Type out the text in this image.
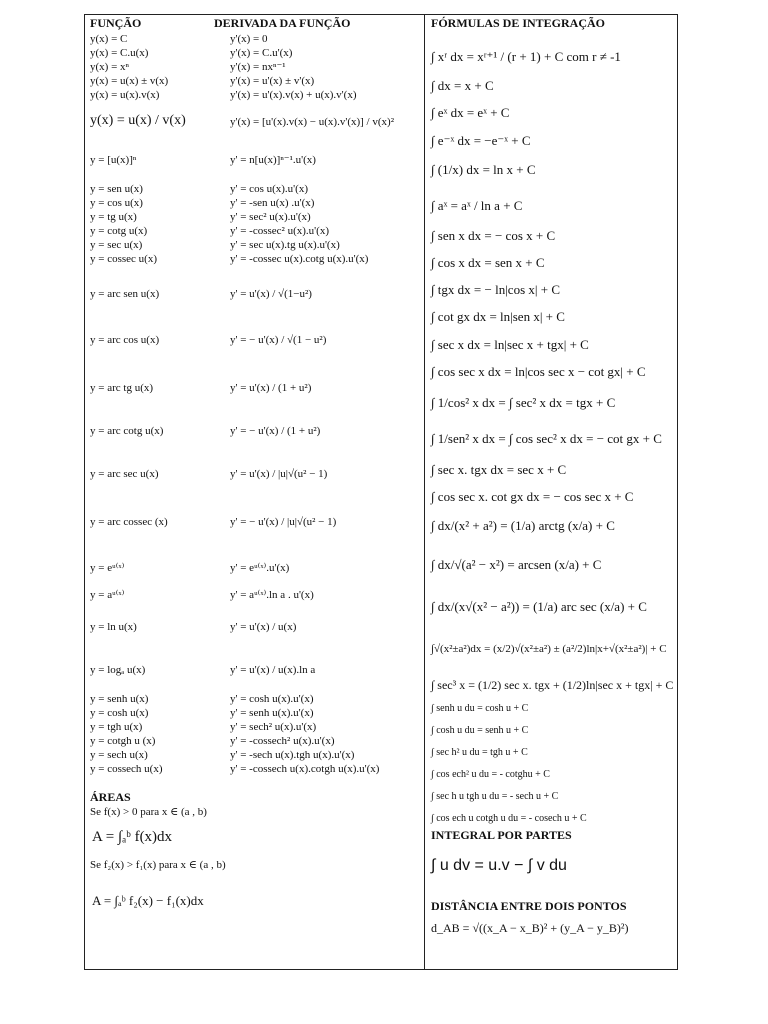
FUNÇÃO	DERIVADA DA FUNÇÃO
y(x) = C	y'(x) = 0
y(x) = C.u(x)	y'(x) = C.u'(x)
y(x) = xⁿ	y'(x) = nxⁿ⁻¹
y(x) = u(x) ± v(x)	y'(x) = u'(x) ± v'(x)
y(x) = u(x).v(x)	y'(x) = u'(x).v(x) + u(x).v'(x)
y(x) = u(x) / v(x)	y'(x) = [u'(x).v(x) − u(x).v'(x)] / v(x)²
y = [u(x)]ⁿ	y' = n[u(x)]ⁿ⁻¹.u'(x)
y = sen u(x)	y' = cos u(x).u'(x)
y = cos u(x)	y' = -sen u(x) .u'(x)
y = tg u(x)	y' = sec² u(x).u'(x)
y = cotg u(x)	y' = -cossec² u(x).u'(x)
y = sec u(x)	y' = sec u(x).tg u(x).u'(x)
y = cossec u(x)	y' = -cossec u(x).cotg u(x).u'(x)
y = arc sen u(x)	y' = u'(x) / √(1−u²)
y = arc cos u(x)	y' = − u'(x) / √(1 − u²)
y = arc tg u(x)	y' = u'(x) / (1 + u²)
y = arc cotg u(x)	y' = − u'(x) / (1 + u²)
y = arc sec u(x)	y' = u'(x) / |u|√(u² − 1)
y = arc cossec (x)	y' = − u'(x) / |u|√(u² − 1)
y = eᵘ⁽ˣ⁾	y' = eᵘ⁽ˣ⁾.u'(x)
y = aᵘ⁽ˣ⁾	y' = aᵘ⁽ˣ⁾.ln a . u'(x)
y = ln u(x)	y' = u'(x) / u(x)
y = logₐ u(x)	y' = u'(x) / u(x).ln a
y = senh u(x)	y' = cosh u(x).u'(x)
y = cosh u(x)	y' = senh u(x).u'(x)
y = tgh u(x)	y' = sech² u(x).u'(x)
y = cotgh u (x)	y' = -cossech² u(x).u'(x)
y = sech u(x)	y' = -sech u(x).tgh u(x).u'(x)
y = cossech u(x)	y' = -cossech u(x).cotgh u(x).u'(x)
ÁREAS
Se f(x) > 0 para x ∈ (a , b)
A = ∫ₐᵇ f(x)dx
Se f₂(x) > f₁(x) para x ∈ (a , b)
A = ∫ₐᵇ f₂(x) − f₁(x)dx
FÓRMULAS DE INTEGRAÇÃO
∫ xʳ dx = xʳ⁺¹ / (r + 1) + C com r ≠ -1
∫ dx = x + C
∫ eˣ dx = eˣ + C
∫ e⁻ˣ dx = −e⁻ˣ + C
∫ (1/x) dx = ln x + C
∫ aˣ = aˣ / ln a + C
∫ sen x dx = − cos x + C
∫ cos x dx = sen x + C
∫ tgx dx = − ln|cos x| + C
∫ cot gx dx = ln|sen x| + C
∫ sec x dx = ln|sec x + tgx| + C
∫ cos sec x dx = ln|cos sec x − cot gx| + C
∫ 1/cos² x dx = ∫ sec² x dx = tgx + C
∫ 1/sen² x dx = ∫ cos sec² x dx = − cot gx + C
∫ sec x. tgx dx = sec x + C
∫ cos sec x. cot gx dx = − cos sec x + C
∫ dx/(x² + a²) = (1/a) arctg (x/a) + C
∫ dx/√(a² − x²) = arcsen (x/a) + C
∫ dx/(x√(x² − a²)) = (1/a) arc sec (x/a) + C
∫√(x²±a²)dx = (x/2)√(x²±a²) ± (a²/2)ln|x+√(x²±a²)| + C
∫ sec³ x = (1/2) sec x. tgx + (1/2)ln|sec x + tgx| + C
∫ senh u du = cosh u + C
∫ cosh u du = senh u + C
∫ sec h² u du = tgh u + C
∫ cos ech² u du = - cotghu + C
∫ sec h u tgh u du = - sech u + C
∫ cos ech u cotgh u du = - cosech u + C
INTEGRAL POR PARTES
∫ u dv = u.v − ∫ v du
DISTÂNCIA ENTRE DOIS PONTOS
d_AB = √((x_A − x_B)² + (y_A − y_B)²)
